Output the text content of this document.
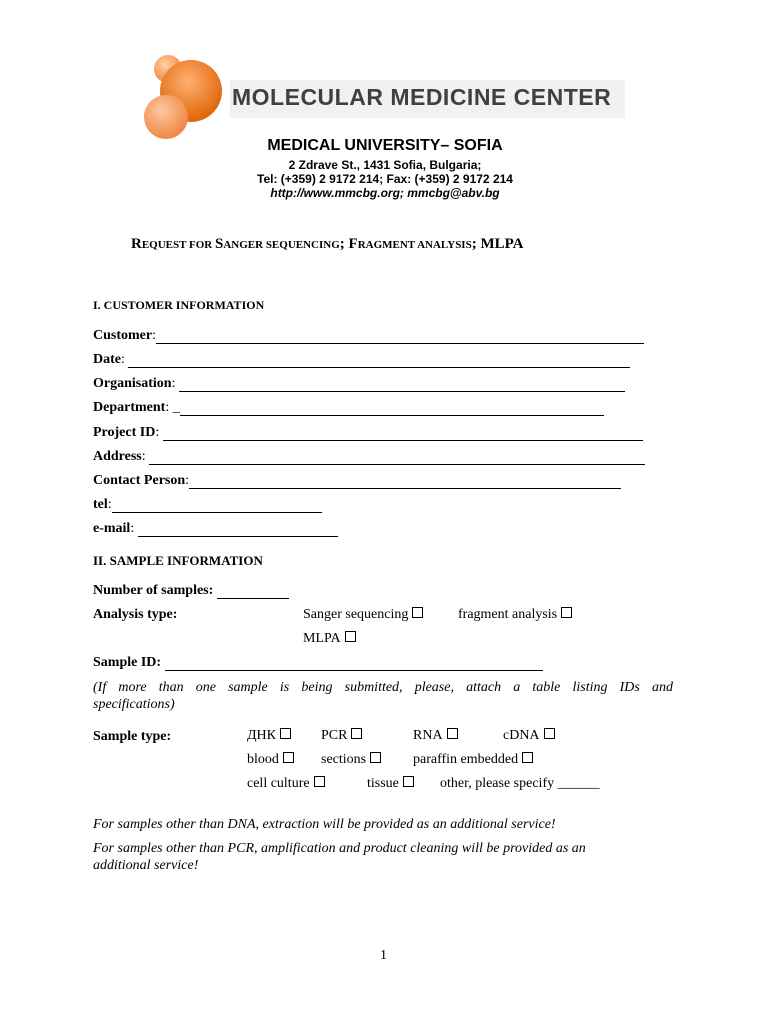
MOLECULAR MEDICINE CENTER
MEDICAL UNIVERSITY– SOFIA
2 Zdrave St., 1431 Sofia, Bulgaria;
Tel: (+359) 2 9172 214; Fax: (+359) 2 9172 214
http://www.mmcbg.org; mmcbg@abv.bg
REQUEST FOR SANGER SEQUENCING; FRAGMENT ANALYSIS; MLPA
I. CUSTOMER INFORMATION
Customer:
Date:
Organisation:
Department: _
Project ID:
Address:
Contact Person:
tel:
e-mail:
II. SAMPLE INFORMATION
Number of samples:
Analysis type:	Sanger sequencing	fragment analysis
MLPA
Sample ID:
(If more than one sample is being submitted, please, attach a table listing IDs and
specifications)
Sample type:	ДНК	PCR	RNA	cDNA
blood	sections	paraffin embedded
cell culture	tissue	other, please specify ______
For samples other than DNA, extraction will be provided as an additional service!
For samples other than PCR, amplification and product cleaning will be provided as an
additional service!
1
